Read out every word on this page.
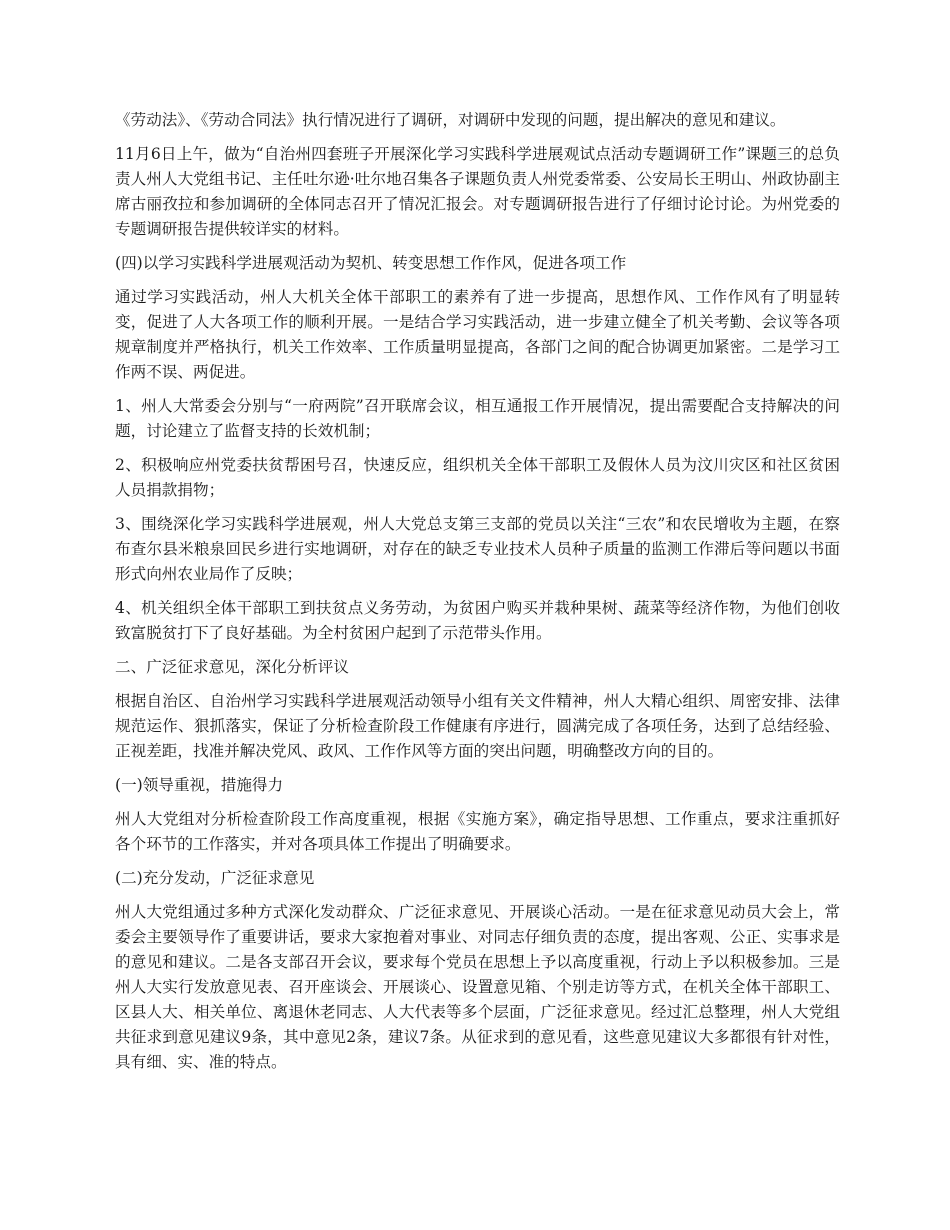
《劳动法》、《劳动合同法》执行情况进行了调研，对调研中发现的问题，提出解决的意见和建议。

11月6日上午，做为“自治州四套班子开展深化学习实践科学进展观试点活动专题调研工作”课题三的总负责人州人大党组书记、主任吐尔逊·吐尔地召集各子课题负责人州党委常委、公安局长王明山、州政协副主席古丽孜拉和参加调研的全体同志召开了情况汇报会。对专题调研报告进行了仔细讨论讨论。为州党委的专题调研报告提供较详实的材料。

(四)以学习实践科学进展观活动为契机、转变思想工作作风，促进各项工作

通过学习实践活动，州人大机关全体干部职工的素养有了进一步提高，思想作风、工作作风有了明显转变，促进了人大各项工作的顺利开展。一是结合学习实践活动，进一步建立健全了机关考勤、会议等各项规章制度并严格执行，机关工作效率、工作质量明显提高，各部门之间的配合协调更加紧密。二是学习工作两不误、两促进。

1、州人大常委会分别与“一府两院”召开联席会议，相互通报工作开展情况，提出需要配合支持解决的问题，讨论建立了监督支持的长效机制；

2、积极响应州党委扶贫帮困号召，快速反应，组织机关全体干部职工及假休人员为汶川灾区和社区贫困人员捐款捐物；

3、围绕深化学习实践科学进展观，州人大党总支第三支部的党员以关注“三农”和农民增收为主题，在察布查尔县米粮泉回民乡进行实地调研，对存在的缺乏专业技术人员种子质量的监测工作滞后等问题以书面形式向州农业局作了反映；

4、机关组织全体干部职工到扶贫点义务劳动，为贫困户购买并栽种果树、蔬菜等经济作物，为他们创收致富脱贫打下了良好基础。为全村贫困户起到了示范带头作用。

二、广泛征求意见，深化分析评议

根据自治区、自治州学习实践科学进展观活动领导小组有关文件精神，州人大精心组织、周密安排、法律规范运作、狠抓落实，保证了分析检查阶段工作健康有序进行，圆满完成了各项任务，达到了总结经验、正视差距，找准并解决党风、政风、工作作风等方面的突出问题，明确整改方向的目的。

(一)领导重视，措施得力

州人大党组对分析检查阶段工作高度重视，根据《实施方案》，确定指导思想、工作重点，要求注重抓好各个环节的工作落实，并对各项具体工作提出了明确要求。

(二)充分发动，广泛征求意见

州人大党组通过多种方式深化发动群众、广泛征求意见、开展谈心活动。一是在征求意见动员大会上，常委会主要领导作了重要讲话，要求大家抱着对事业、对同志仔细负责的态度，提出客观、公正、实事求是的意见和建议。二是各支部召开会议，要求每个党员在思想上予以高度重视，行动上予以积极参加。三是州人大实行发放意见表、召开座谈会、开展谈心、设置意见箱、个别走访等方式，在机关全体干部职工、区县人大、相关单位、离退休老同志、人大代表等多个层面，广泛征求意见。经过汇总整理，州人大党组共征求到意见建议9条，其中意见2条，建议7条。从征求到的意见看，这些意见建议大多都很有针对性，具有细、实、准的特点。
